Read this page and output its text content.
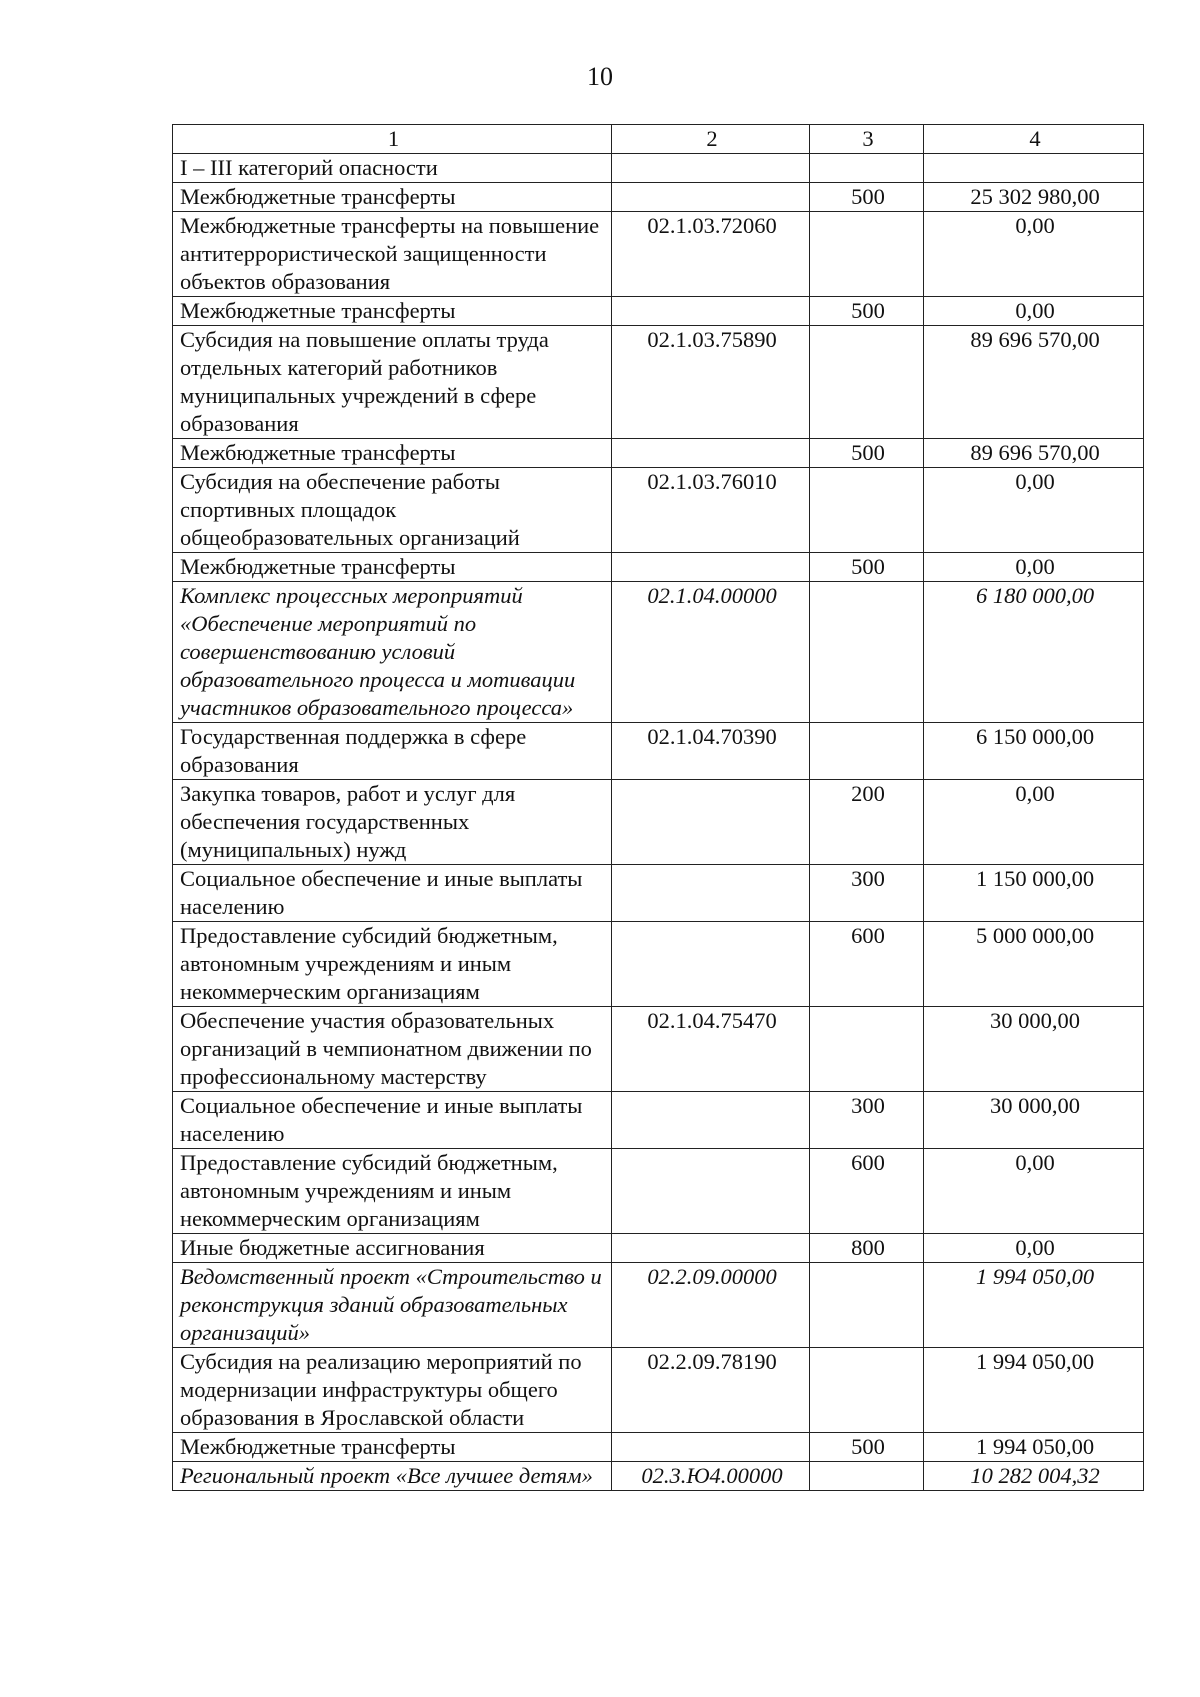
10
1	2	3	4
I – III категорий опасности			
Межбюджетные трансферты		500	25 302 980,00
Межбюджетные трансферты на повышение антитеррористической защищенности объектов образования	02.1.03.72060		0,00
Межбюджетные трансферты		500	0,00
Субсидия на повышение оплаты труда отдельных категорий работников муниципальных учреждений в сфере образования	02.1.03.75890		89 696 570,00
Межбюджетные трансферты		500	89 696 570,00
Субсидия на обеспечение работы спортивных площадок общеобразовательных организаций	02.1.03.76010		0,00
Межбюджетные трансферты		500	0,00
Комплекс процессных мероприятий «Обеспечение мероприятий по совершенствованию условий образовательного процесса и мотивации участников образовательного процесса»	02.1.04.00000		6 180 000,00
Государственная поддержка в сфере образования	02.1.04.70390		6 150 000,00
Закупка товаров, работ и услуг для обеспечения государственных (муниципальных) нужд		200	0,00
Социальное обеспечение и иные выплаты населению		300	1 150 000,00
Предоставление субсидий бюджетным, автономным учреждениям и иным некоммерческим организациям		600	5 000 000,00
Обеспечение участия образовательных организаций в чемпионатном движении по профессиональному мастерству	02.1.04.75470		30 000,00
Социальное обеспечение и иные выплаты населению		300	30 000,00
Предоставление субсидий бюджетным, автономным учреждениям и иным некоммерческим организациям		600	0,00
Иные бюджетные ассигнования		800	0,00
Ведомственный проект «Строительство и реконструкция зданий образовательных организаций»	02.2.09.00000		1 994 050,00
Субсидия на реализацию мероприятий по модернизации инфраструктуры общего образования в Ярославской области	02.2.09.78190		1 994 050,00
Межбюджетные трансферты		500	1 994 050,00
Региональный проект «Все лучшее детям»	02.3.Ю4.00000		10 282 004,32
